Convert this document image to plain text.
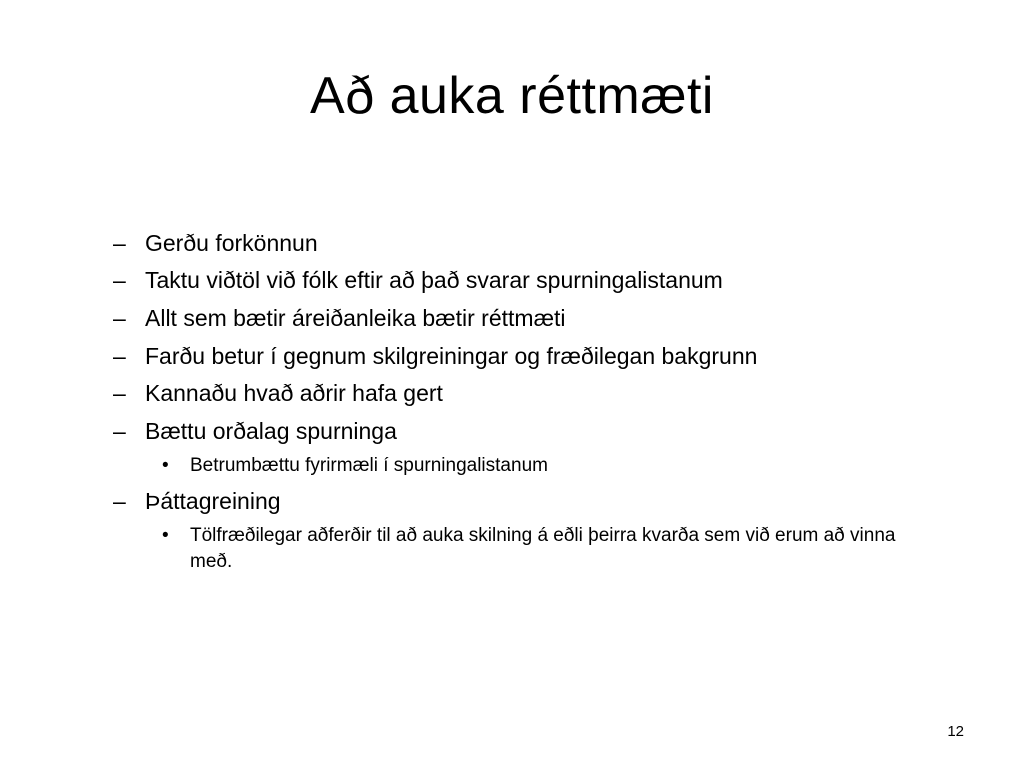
Að auka réttmæti
– Gerðu forkönnun
– Taktu viðtöl við fólk eftir að það svarar spurningalistanum
– Allt sem bætir áreiðanleika bætir réttmæti
– Farðu betur í gegnum skilgreiningar og fræðilegan bakgrunn
– Kannaðu hvað aðrir hafa gert
– Bættu orðalag spurninga
•	Betrumbættu fyrirmæli í spurningalistanum
– Þáttagreining
•	Tölfræðilegar aðferðir til að auka skilning á eðli þeirra kvarða sem við erum að vinna með.
12
